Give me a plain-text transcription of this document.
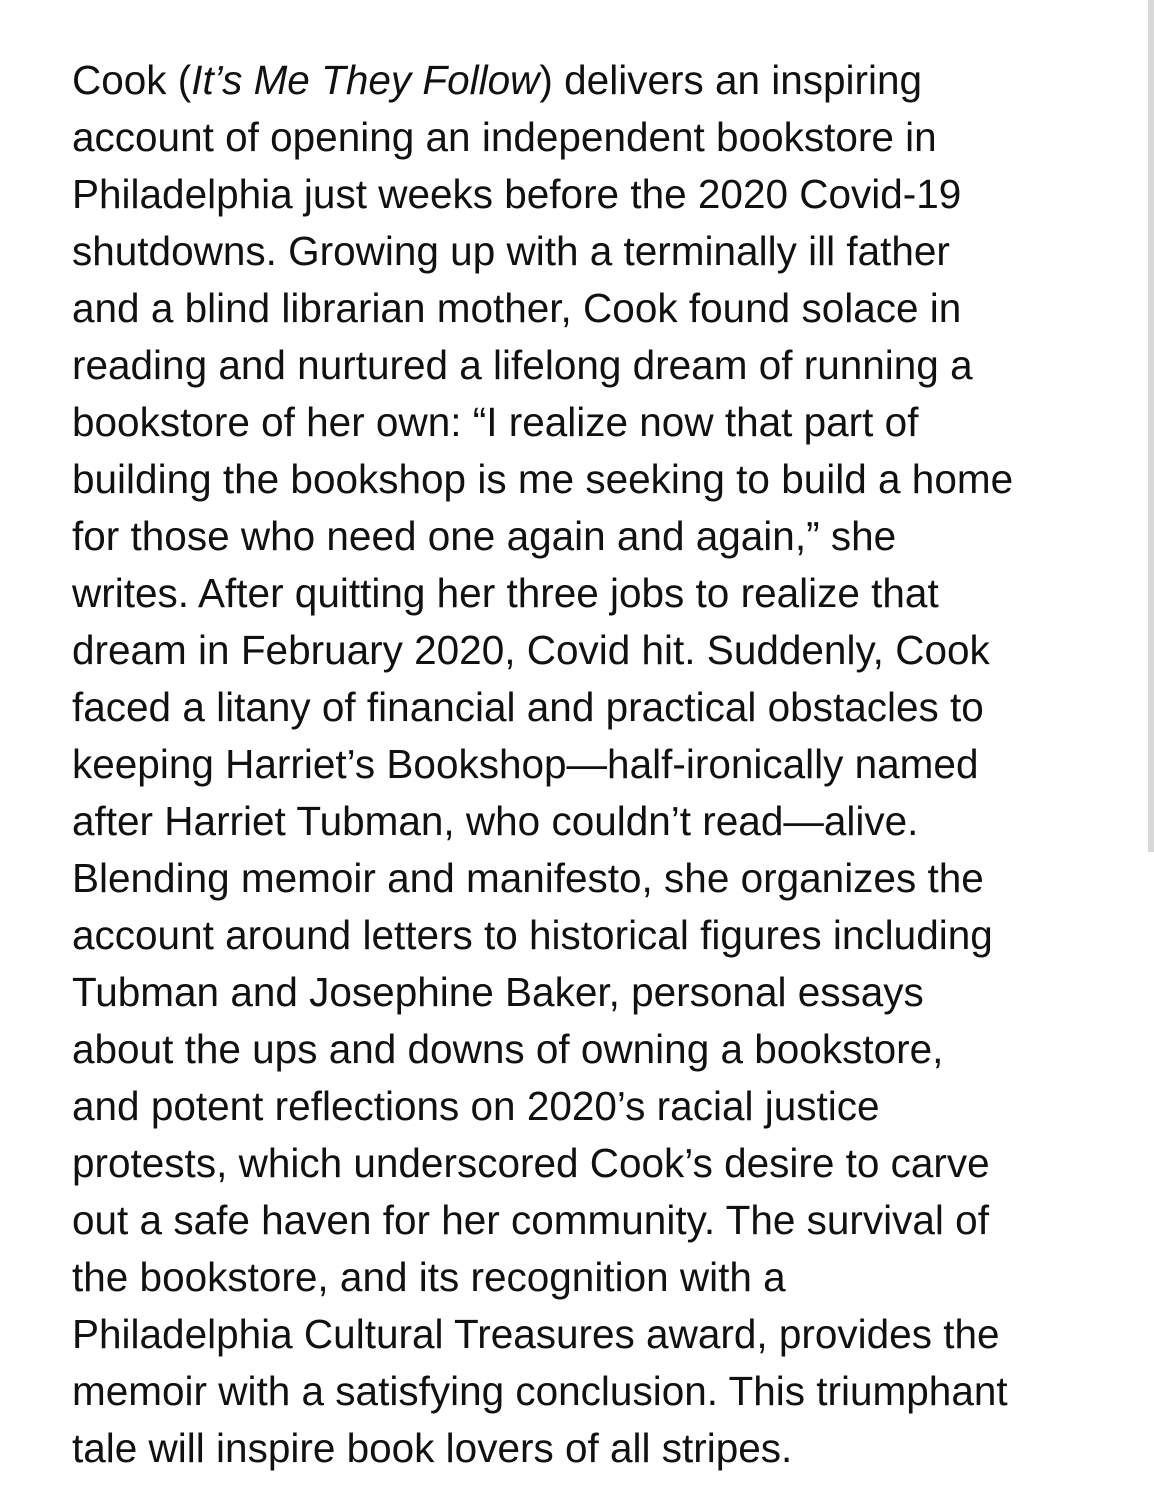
Cook (It’s Me They Follow) delivers an inspiring
account of opening an independent bookstore in
Philadelphia just weeks before the 2020 Covid-19
shutdowns. Growing up with a terminally ill father
and a blind librarian mother, Cook found solace in
reading and nurtured a lifelong dream of running a
bookstore of her own: “I realize now that part of
building the bookshop is me seeking to build a home
for those who need one again and again,” she
writes. After quitting her three jobs to realize that
dream in February 2020, Covid hit. Suddenly, Cook
faced a litany of financial and practical obstacles to
keeping Harriet’s Bookshop—half-ironically named
after Harriet Tubman, who couldn’t read—alive.
Blending memoir and manifesto, she organizes the
account around letters to historical figures including
Tubman and Josephine Baker, personal essays
about the ups and downs of owning a bookstore,
and potent reflections on 2020’s racial justice
protests, which underscored Cook’s desire to carve
out a safe haven for her community. The survival of
the bookstore, and its recognition with a
Philadelphia Cultural Treasures award, provides the
memoir with a satisfying conclusion. This triumphant
tale will inspire book lovers of all stripes.
